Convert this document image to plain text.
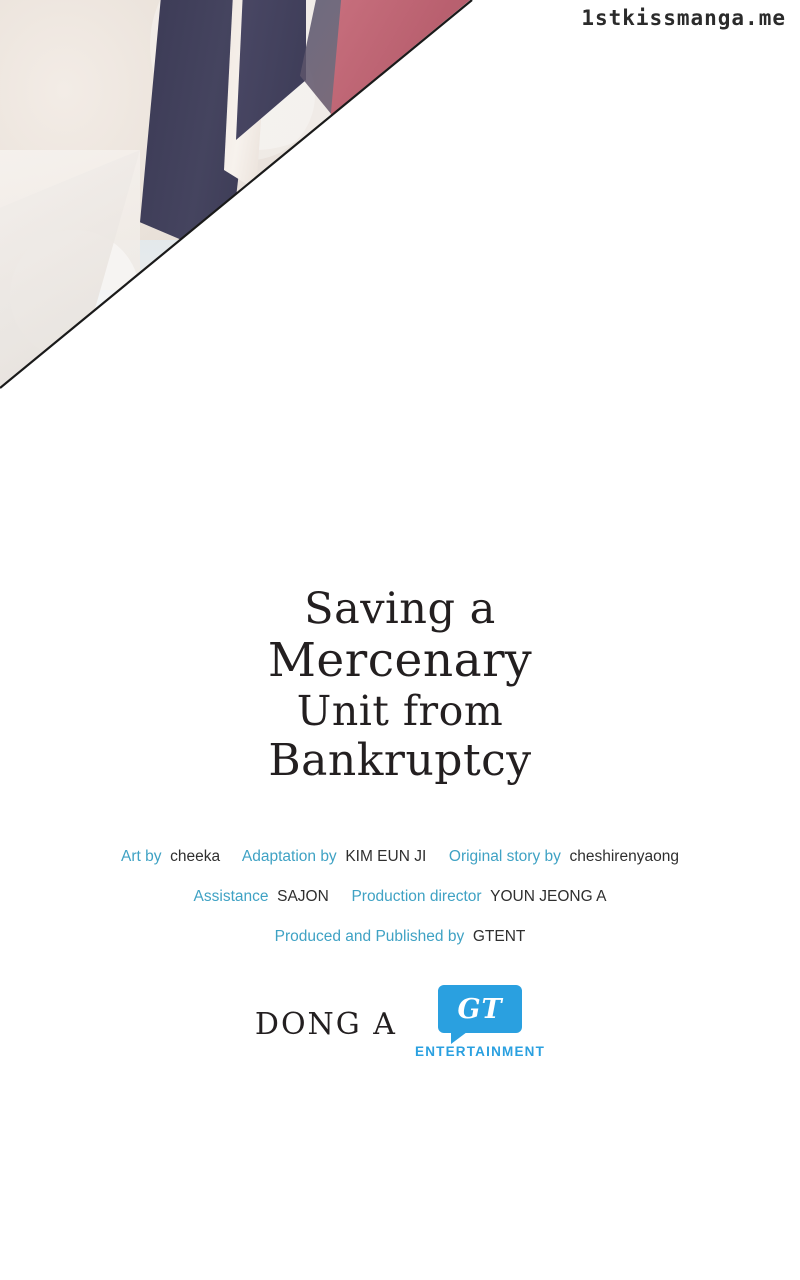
1stkissmanga.me
Saving a
Mercenary
Unit from
Bankruptcy
Art by cheeka Adaptation by KIM EUN JI Original story by cheshirenyaong
Assistance SAJON Production director YOUN JEONG A
Produced and Published by GTENT
DONG A GT
ENTERTAINMENT
